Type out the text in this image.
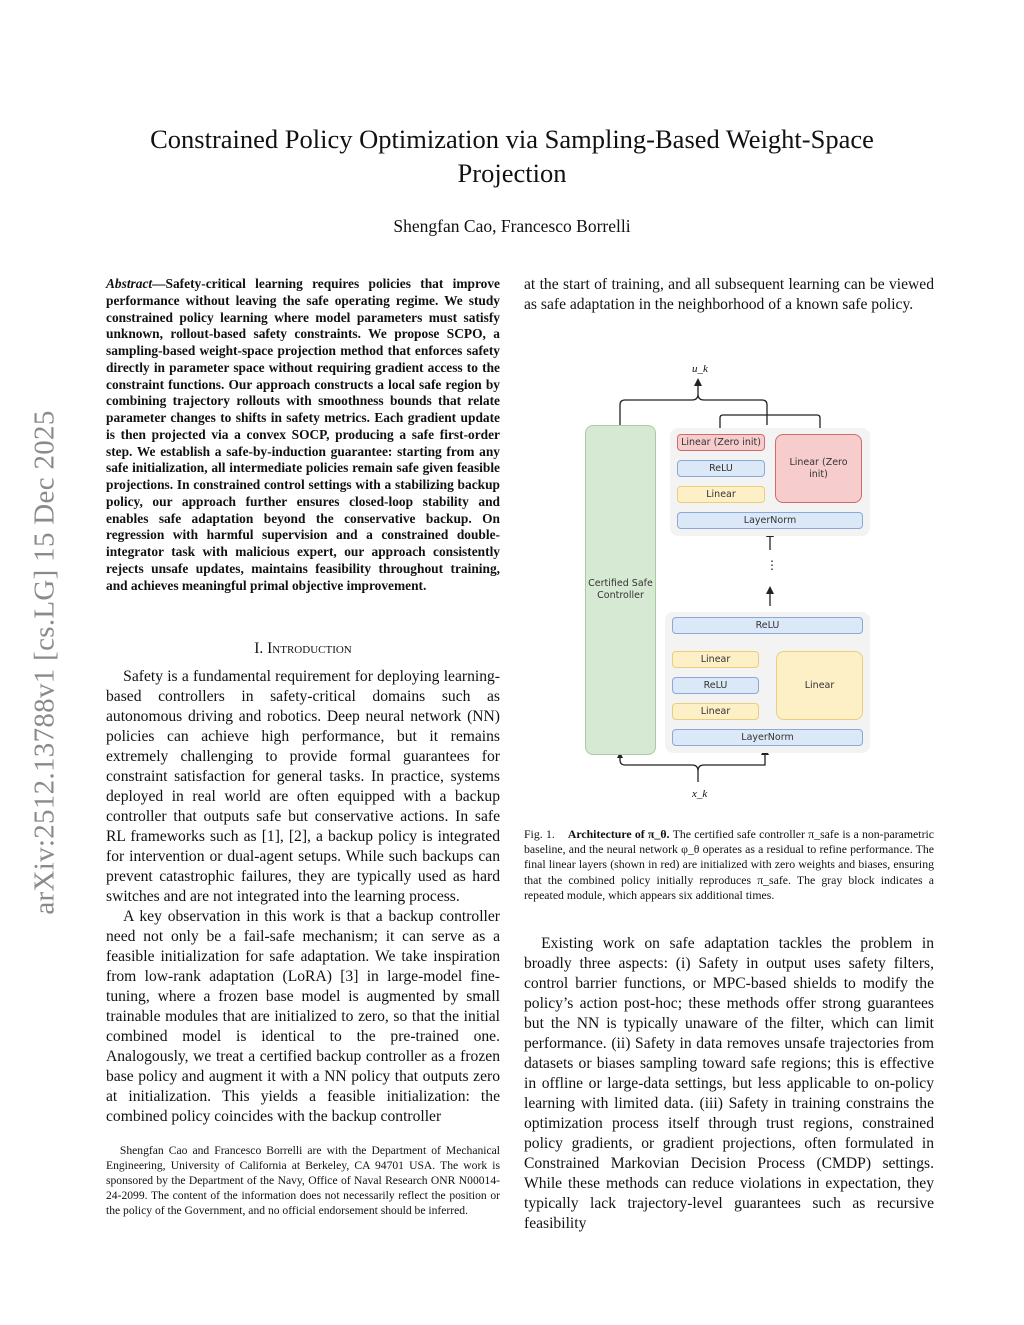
arXiv:2512.13788v1 [cs.LG] 15 Dec 2025
Constrained Policy Optimization via Sampling-Based Weight-Space Projection
Shengfan Cao, Francesco Borrelli
Abstract—Safety-critical learning requires policies that improve performance without leaving the safe operating regime. We study constrained policy learning where model parameters must satisfy unknown, rollout-based safety constraints. We propose SCPO, a sampling-based weight-space projection method that enforces safety directly in parameter space without requiring gradient access to the constraint functions. Our approach constructs a local safe region by combining trajectory rollouts with smoothness bounds that relate parameter changes to shifts in safety metrics. Each gradient update is then projected via a convex SOCP, producing a safe first-order step. We establish a safe-by-induction guarantee: starting from any safe initialization, all intermediate policies remain safe given feasible projections. In constrained control settings with a stabilizing backup policy, our approach further ensures closed-loop stability and enables safe adaptation beyond the conservative backup. On regression with harmful supervision and a constrained double-integrator task with malicious expert, our approach consistently rejects unsafe updates, maintains feasibility throughout training, and achieves meaningful primal objective improvement.
I. Introduction

Safety is a fundamental requirement for deploying learning-based controllers in safety-critical domains such as autonomous driving and robotics. Deep neural network (NN) policies can achieve high performance, but it remains extremely challenging to provide formal guarantees for constraint satisfaction for general tasks. In practice, systems deployed in real world are often equipped with a backup controller that outputs safe but conservative actions. In safe RL frameworks such as [1], [2], a backup policy is integrated for intervention or dual-agent setups. While such backups can prevent catastrophic failures, they are typically used as hard switches and are not integrated into the learning process.

A key observation in this work is that a backup controller need not only be a fail-safe mechanism; it can serve as a feasible initialization for safe adaptation. We take inspiration from low-rank adaptation (LoRA) [3] in large-model fine-tuning, where a frozen base model is augmented by small trainable modules that are initialized to zero, so that the initial combined model is identical to the pre-trained one. Analogously, we treat a certified backup controller as a frozen base policy and augment it with a NN policy that outputs zero at initialization. This yields a feasible initialization: the combined policy coincides with the backup controller

Shengfan Cao and Francesco Borrelli are with the Department of Mechanical Engineering, University of California at Berkeley, CA 94701 USA. The work is sponsored by the Department of the Navy, Office of Naval Research ONR N00014-24-2099. The content of the information does not necessarily reflect the position or the policy of the Government, and no official endorsement should be inferred.

at the start of training, and all subsequent learning can be viewed as safe adaptation in the neighborhood of a known safe policy.

u_k
x_k
Certified Safe Controller
Linear (Zero init)
ReLU
Linear
Linear (Zero init)
LayerNorm
⋮
ReLU
Linear
ReLU
Linear
Linear
LayerNorm
Fig. 1. Architecture of π_θ. The certified safe controller π_safe is a non-parametric baseline, and the neural network φ_θ operates as a residual to refine performance. The final linear layers (shown in red) are initialized with zero weights and biases, ensuring that the combined policy initially reproduces π_safe. The gray block indicates a repeated module, which appears six additional times.

Existing work on safe adaptation tackles the problem in broadly three aspects: (i) Safety in output uses safety filters, control barrier functions, or MPC-based shields to modify the policy’s action post-hoc; these methods offer strong guarantees but the NN is typically unaware of the filter, which can limit performance. (ii) Safety in data removes unsafe trajectories from datasets or biases sampling toward safe regions; this is effective in offline or large-data settings, but less applicable to on-policy learning with limited data. (iii) Safety in training constrains the optimization process itself through trust regions, constrained policy gradients, or gradient projections, often formulated in Constrained Markovian Decision Process (CMDP) settings. While these methods can reduce violations in expectation, they typically lack trajectory-level guarantees such as recursive feasibility
